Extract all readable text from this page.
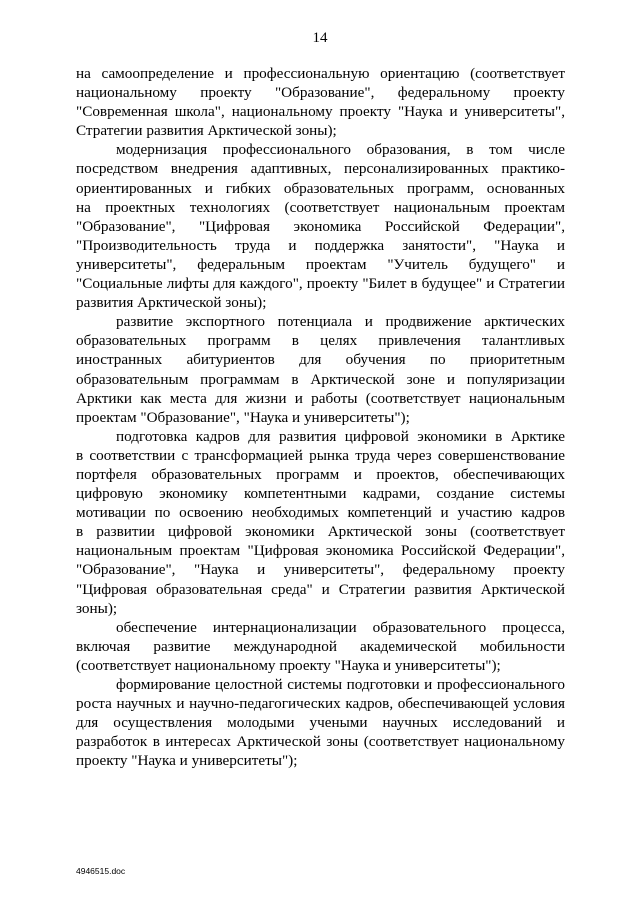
14

на самоопределение и профессиональную ориентацию (соответствует
национальному проекту "Образование", федеральному проекту
"Современная школа", национальному проекту "Наука и университеты",
Стратегии развития Арктической зоны);

модернизация профессионального образования, в том числе
посредством внедрения адаптивных, персонализированных практико-
ориентированных и гибких образовательных программ, основанных
на проектных технологиях (соответствует национальным проектам
"Образование", "Цифровая экономика Российской Федерации",
"Производительность труда и поддержка занятости", "Наука и
университеты", федеральным проектам "Учитель будущего" и
"Социальные лифты для каждого", проекту "Билет в будущее" и Стратегии
развития Арктической зоны);

развитие экспортного потенциала и продвижение арктических
образовательных программ в целях привлечения талантливых
иностранных абитуриентов для обучения по приоритетным
образовательным программам в Арктической зоне и популяризации
Арктики как места для жизни и работы (соответствует национальным
проектам "Образование", "Наука и университеты");

подготовка кадров для развития цифровой экономики в Арктике
в соответствии с трансформацией рынка труда через совершенствование
портфеля образовательных программ и проектов, обеспечивающих
цифровую экономику компетентными кадрами, создание системы
мотивации по освоению необходимых компетенций и участию кадров
в развитии цифровой экономики Арктической зоны (соответствует
национальным проектам "Цифровая экономика Российской Федерации",
"Образование", "Наука и университеты", федеральному проекту
"Цифровая образовательная среда" и Стратегии развития Арктической
зоны);

обеспечение интернационализации образовательного процесса,
включая развитие международной академической мобильности
(соответствует национальному проекту "Наука и университеты");

формирование целостной системы подготовки и профессионального
роста научных и научно-педагогических кадров, обеспечивающей условия
для осуществления молодыми учеными научных исследований и
разработок в интересах Арктической зоны (соответствует национальному
проекту "Наука и университеты");

4946515.doc
